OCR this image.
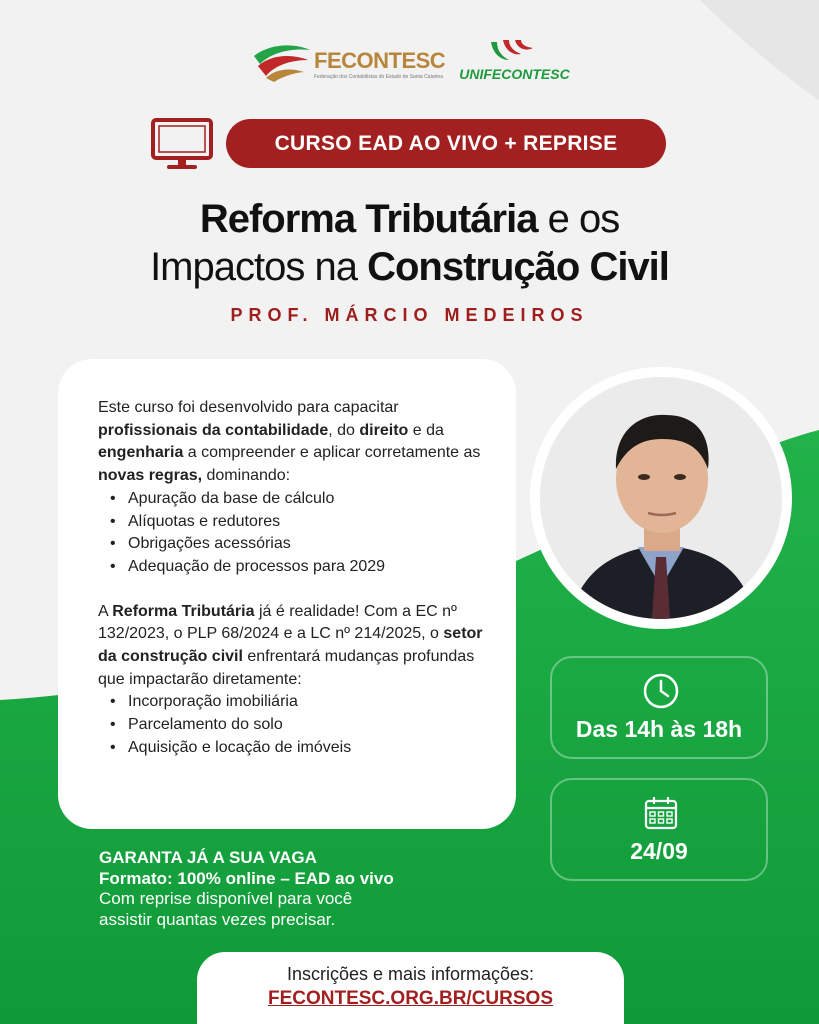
FECONTESC
Federação dos Contabilistas do Estado de Santa Catarina	UNIFECONTESC
CURSO EAD AO VIVO + REPRISE
Reforma Tributária e os
Impactos na Construção Civil
PROF. MÁRCIO MEDEIROS

Este curso foi desenvolvido para capacitar profissionais da contabilidade, do direito e da engenharia a compreender e aplicar corretamente as novas regras, dominando:

• Apuração da base de cálculo
• Alíquotas e redutores
• Obrigações acessórias
• Adequação de processos para 2029

A Reforma Tributária já é realidade! Com a EC nº 132/2023, o PLP 68/2024 e a LC nº 214/2025, o setor da construção civil enfrentará mudanças profundas que impactarão diretamente:

• Incorporação imobiliária
• Parcelamento do solo
• Aquisição e locação de imóveis
Das 14h às 18h
24/09
GARANTA JÁ A SUA VAGA
Formato: 100% online – EAD ao vivo
Com reprise disponível para você assistir quantas vezes precisar.
Inscrições e mais informações:
FECONTESC.ORG.BR/CURSOS
